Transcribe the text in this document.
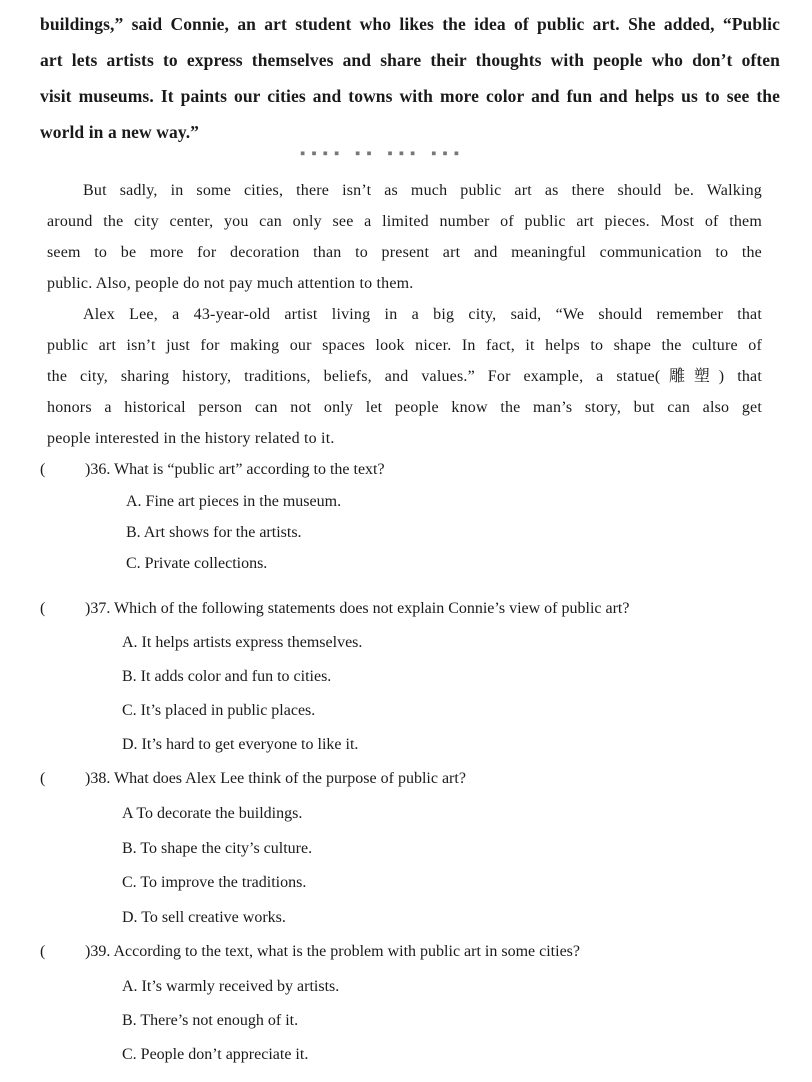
buildings,” said Connie, an art student who likes the idea of public art. She added, “Public
art lets artists to express themselves and share their thoughts with people who don’t often
visit museums. It paints our cities and towns with more color and fun and helps us to see the
world in a new way.”

▪▪▪▪ ▪▪ ▪▪▪ ▪▪▪

But sadly, in some cities, there isn’t as much public art as there should be. Walking
around the city center, you can only see a limited number of public art pieces. Most of them
seem to be more for decoration than to present art and meaningful communication to the
public. Also, people do not pay much attention to them.

Alex Lee, a 43-year-old artist living in a big city, said, “We should remember that
public art isn’t just for making our spaces look nicer. In fact, it helps to shape the culture of
the city, sharing history, traditions, beliefs, and values.” For example, a statue(雕塑) that
honors a historical person can not only let people know the man’s story, but can also get
people interested in the history related to it.

( )36. What is “public art” according to the text?
A. Fine art pieces in the museum.
B. Art shows for the artists.
C. Private collections.
( )37. Which of the following statements does not explain Connie’s view of public art?
A. It helps artists express themselves.
B. It adds color and fun to cities.
C. It’s placed in public places.
D. It’s hard to get everyone to like it.
( )38. What does Alex Lee think of the purpose of public art?
A To decorate the buildings.
B. To shape the city’s culture.
C. To improve the traditions.
D. To sell creative works.
( )39. According to the text, what is the problem with public art in some cities?
A. It’s warmly received by artists.
B. There’s not enough of it.
C. People don’t appreciate it.
